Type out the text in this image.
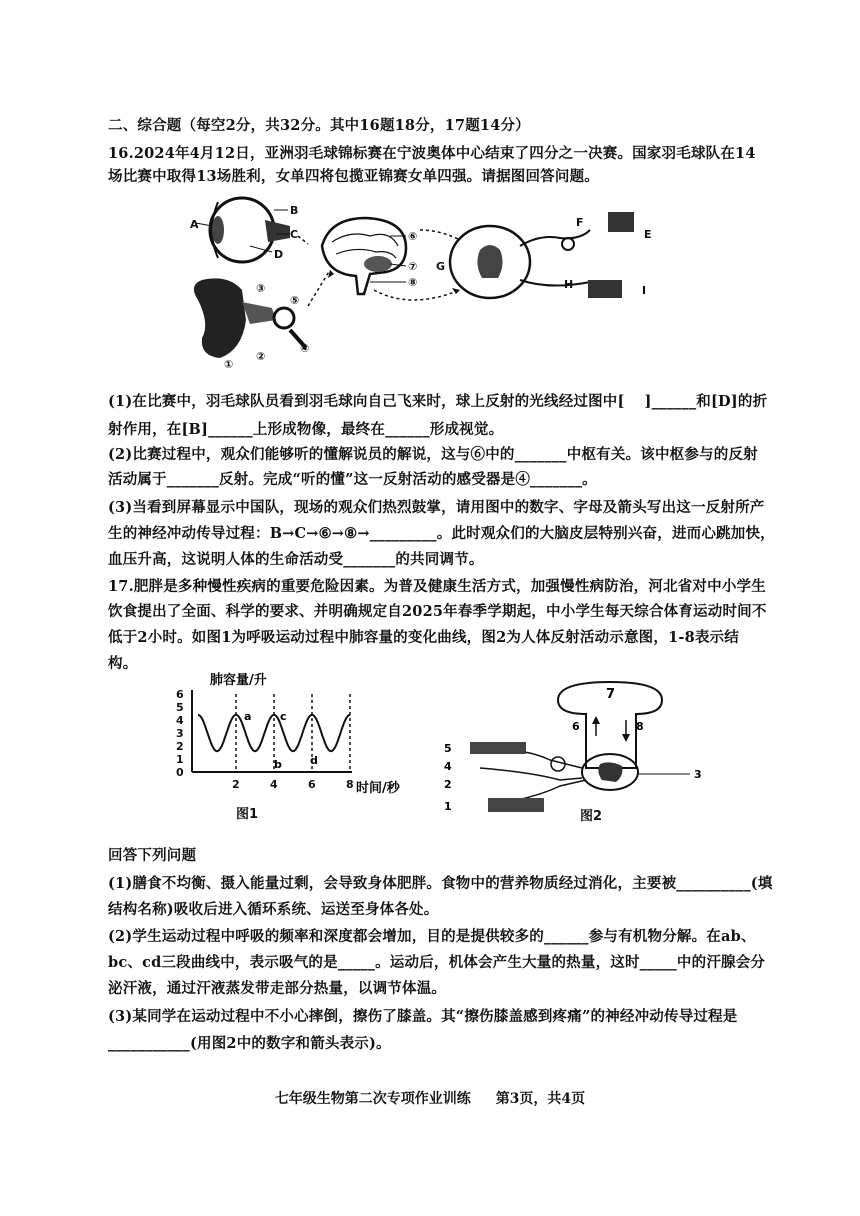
二、综合题（每空2分，共32分。其中16题18分，17题14分）
16.2024年4月12日，亚洲羽毛球锦标赛在宁波奥体中心结束了四分之一决赛。国家羽毛球队在14
场比赛中取得13场胜利，女单四将包揽亚锦赛女单四强。请据图回答问题。
A
B
C
D
③
⑤
④
②
①
⑥
⑦
⑧
F
E
G
H	I
(1)在比赛中，羽毛球队员看到羽毛球向自己飞来时，球上反射的光线经过图中[　 ]______和[D]的折
射作用，在[B]______上形成物像，最终在______形成视觉。
(2)比赛过程中，观众们能够听的懂解说员的解说，这与⑥中的_______中枢有关。该中枢参与的反射
活动属于_______反射。完成“听的懂”这一反射活动的感受器是④_______。
(3)当看到屏幕显示中国队，现场的观众们热烈鼓掌，请用图中的数字、字母及箭头写出这一反射所产
生的神经冲动传导过程：B→C→⑥→⑧→_________。此时观众们的大脑皮层特别兴奋，进而心跳加快，
血压升高，这说明人体的生命活动受_______的共同调节。
17.肥胖是多种慢性疾病的重要危险因素。为普及健康生活方式，加强慢性病防治，河北省对中小学生
饮食提出了全面、科学的要求、并明确规定自2025年春季学期起，中小学生每天综合体育运动时间不
低于2小时。如图1为呼吸运动过程中肺容量的变化曲线，图2为人体反射活动示意图，1-8表示结
构。
肺容量/升
0
1
2
3
4
5
6
2	4	6	8
a
b
c
d
时间/秒
图1
5
4
2
1
3
6	8
7
图2
回答下列问题
(1)膳食不均衡、摄入能量过剩，会导致身体肥胖。食物中的营养物质经过消化，主要被__________(填
结构名称)吸收后进入循环系统、运送至身体各处。
(2)学生运动过程中呼吸的频率和深度都会增加，目的是提供较多的______参与有机物分解。在ab、
bc、cd三段曲线中，表示吸气的是_____。运动后，机体会产生大量的热量，这时_____中的汗腺会分
泌汗液，通过汗液蒸发带走部分热量，以调节体温。
(3)某同学在运动过程中不小心摔倒，擦伤了膝盖。其“擦伤膝盖感到疼痛”的神经冲动传导过程是
___________(用图2中的数字和箭头表示)。
七年级生物第二次专项作业训练 第3页，共4页
